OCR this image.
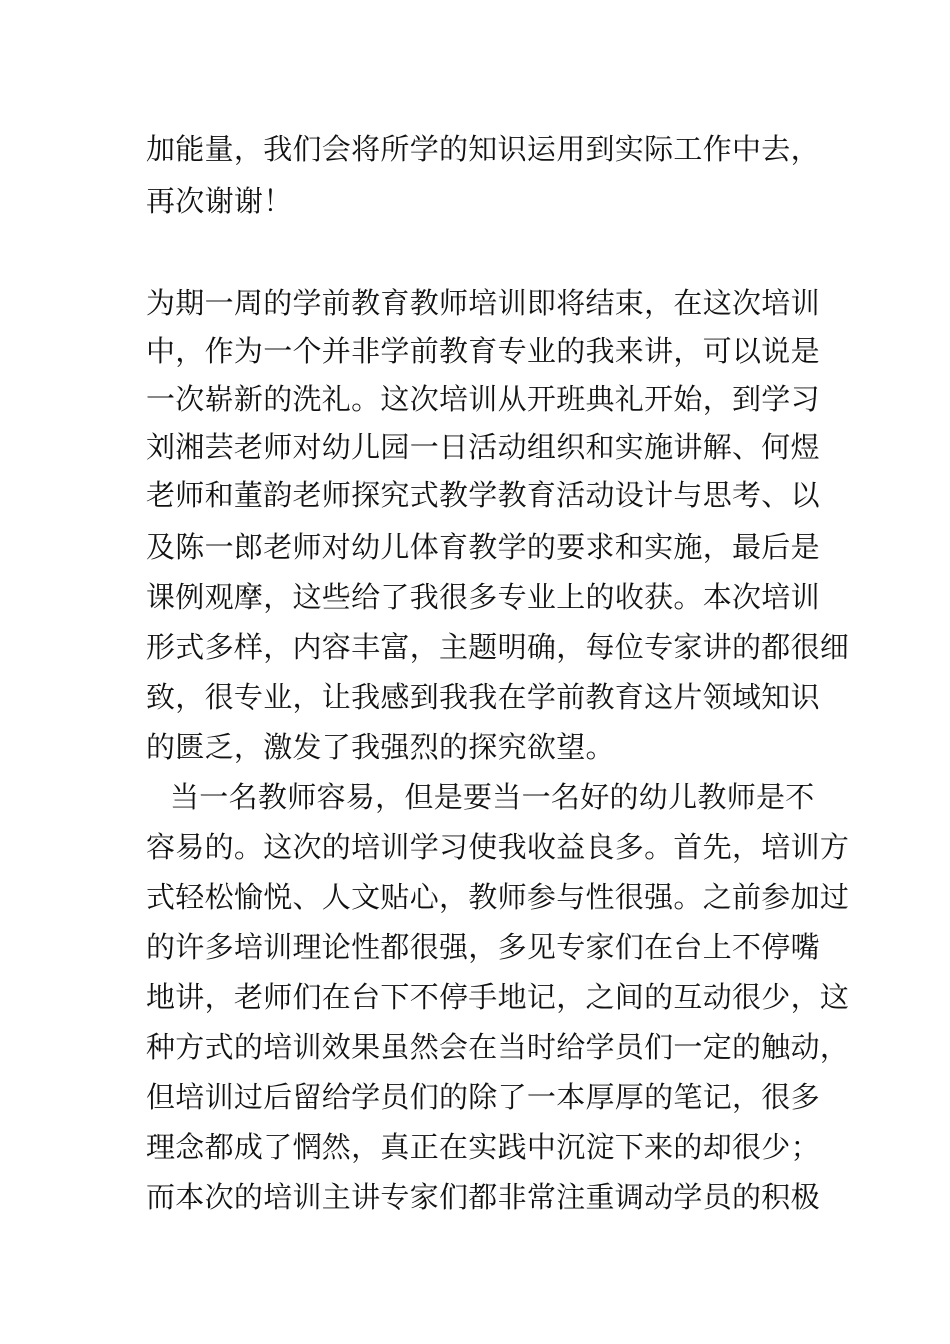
加能量，我们会将所学的知识运用到实际工作中去，
再次谢谢！
为期一周的学前教育教师培训即将结束，在这次培训
中，作为一个并非学前教育专业的我来讲，可以说是
一次崭新的洗礼。这次培训从开班典礼开始，到学习
刘湘芸老师对幼儿园一日活动组织和实施讲解、何煜
老师和董韵老师探究式教学教育活动设计与思考、以
及陈一郎老师对幼儿体育教学的要求和实施，最后是
课例观摩，这些给了我很多专业上的收获。本次培训
形式多样，内容丰富，主题明确，每位专家讲的都很细
致，很专业，让我感到我我在学前教育这片领域知识
的匮乏，激发了我强烈的探究欲望。
当一名教师容易，但是要当一名好的幼儿教师是不
容易的。这次的培训学习使我收益良多。首先，培训方
式轻松愉悦、人文贴心，教师参与性很强。之前参加过
的许多培训理论性都很强，多见专家们在台上不停嘴
地讲，老师们在台下不停手地记，之间的互动很少，这
种方式的培训效果虽然会在当时给学员们一定的触动，
但培训过后留给学员们的除了一本厚厚的笔记，很多
理念都成了惘然，真正在实践中沉淀下来的却很少；
而本次的培训主讲专家们都非常注重调动学员的积极
